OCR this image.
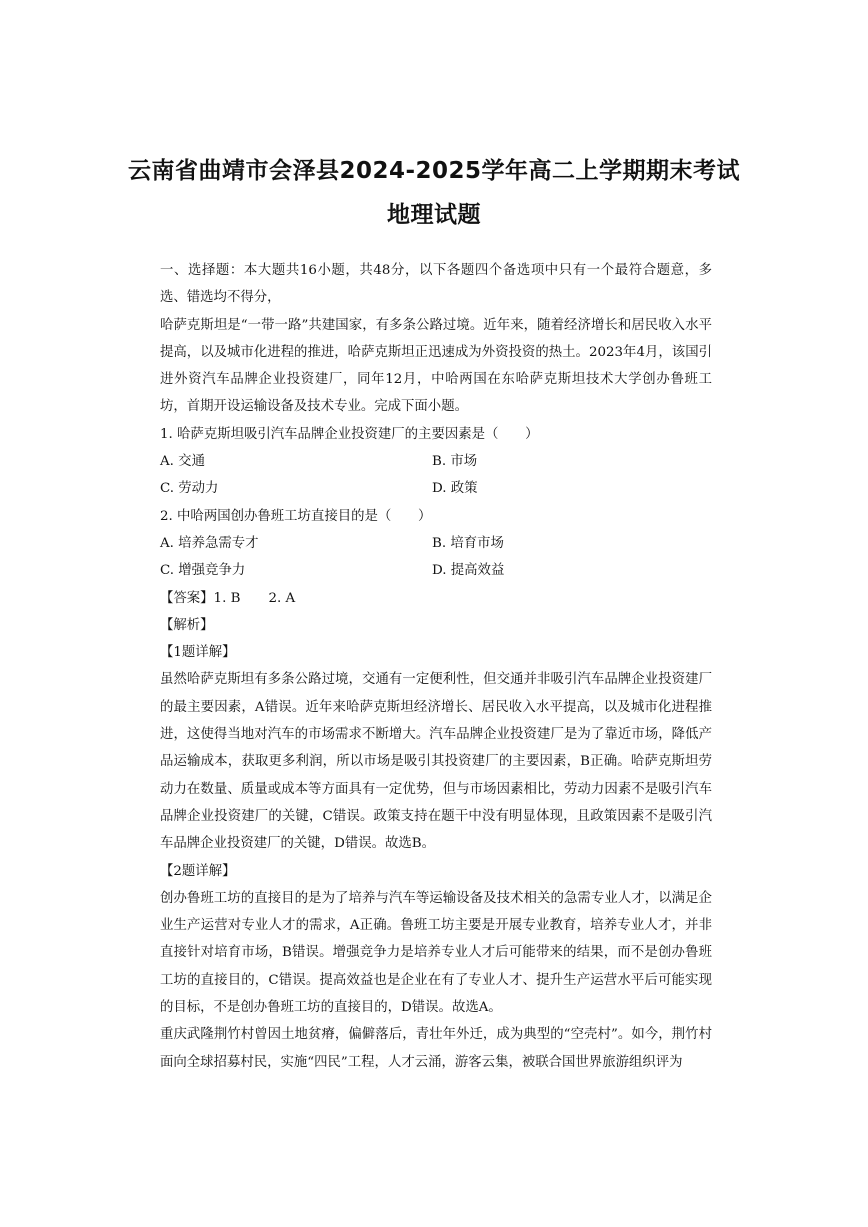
云南省曲靖市会泽县2024-2025学年高二上学期期末考试
地理试题

一、选择题：本大题共16小题，共48分，以下各题四个备选项中只有一个最符合题意，多选、错选均不得分，

哈萨克斯坦是“一带一路”共建国家，有多条公路过境。近年来，随着经济增长和居民收入水平提高，以及城市化进程的推进，哈萨克斯坦正迅速成为外资投资的热土。2023年4月，该国引进外资汽车品牌企业投资建厂，同年12月，中哈两国在东哈萨克斯坦技术大学创办鲁班工坊，首期开设运输设备及技术专业。完成下面小题。

1. 哈萨克斯坦吸引汽车品牌企业投资建厂的主要因素是（　　）

A. 交通	B. 市场
C. 劳动力	D. 政策

2. 中哈两国创办鲁班工坊直接目的是（　　）

A. 培养急需专才	B. 培育市场
C. 增强竞争力	D. 提高效益

【答案】1. B 2. A

【解析】

【1题详解】

虽然哈萨克斯坦有多条公路过境，交通有一定便利性，但交通并非吸引汽车品牌企业投资建厂的最主要因素，A错误。近年来哈萨克斯坦经济增长、居民收入水平提高，以及城市化进程推进，这使得当地对汽车的市场需求不断增大。汽车品牌企业投资建厂是为了靠近市场，降低产品运输成本，获取更多利润，所以市场是吸引其投资建厂的主要因素，B正确。哈萨克斯坦劳动力在数量、质量或成本等方面具有一定优势，但与市场因素相比，劳动力因素不是吸引汽车品牌企业投资建厂的关键，C错误。政策支持在题干中没有明显体现，且政策因素不是吸引汽车品牌企业投资建厂的关键，D错误。故选B。

【2题详解】

创办鲁班工坊的直接目的是为了培养与汽车等运输设备及技术相关的急需专业人才，以满足企业生产运营对专业人才的需求，A正确。鲁班工坊主要是开展专业教育，培养专业人才，并非直接针对培育市场，B错误。增强竞争力是培养专业人才后可能带来的结果，而不是创办鲁班工坊的直接目的，C错误。提高效益也是企业在有了专业人才、提升生产运营水平后可能实现的目标，不是创办鲁班工坊的直接目的，D错误。故选A。

重庆武隆荆竹村曾因土地贫瘠，偏僻落后，青壮年外迁，成为典型的“空壳村”。如今，荆竹村面向全球招募村民，实施“四民”工程，人才云涌，游客云集，被联合国世界旅游组织评为
